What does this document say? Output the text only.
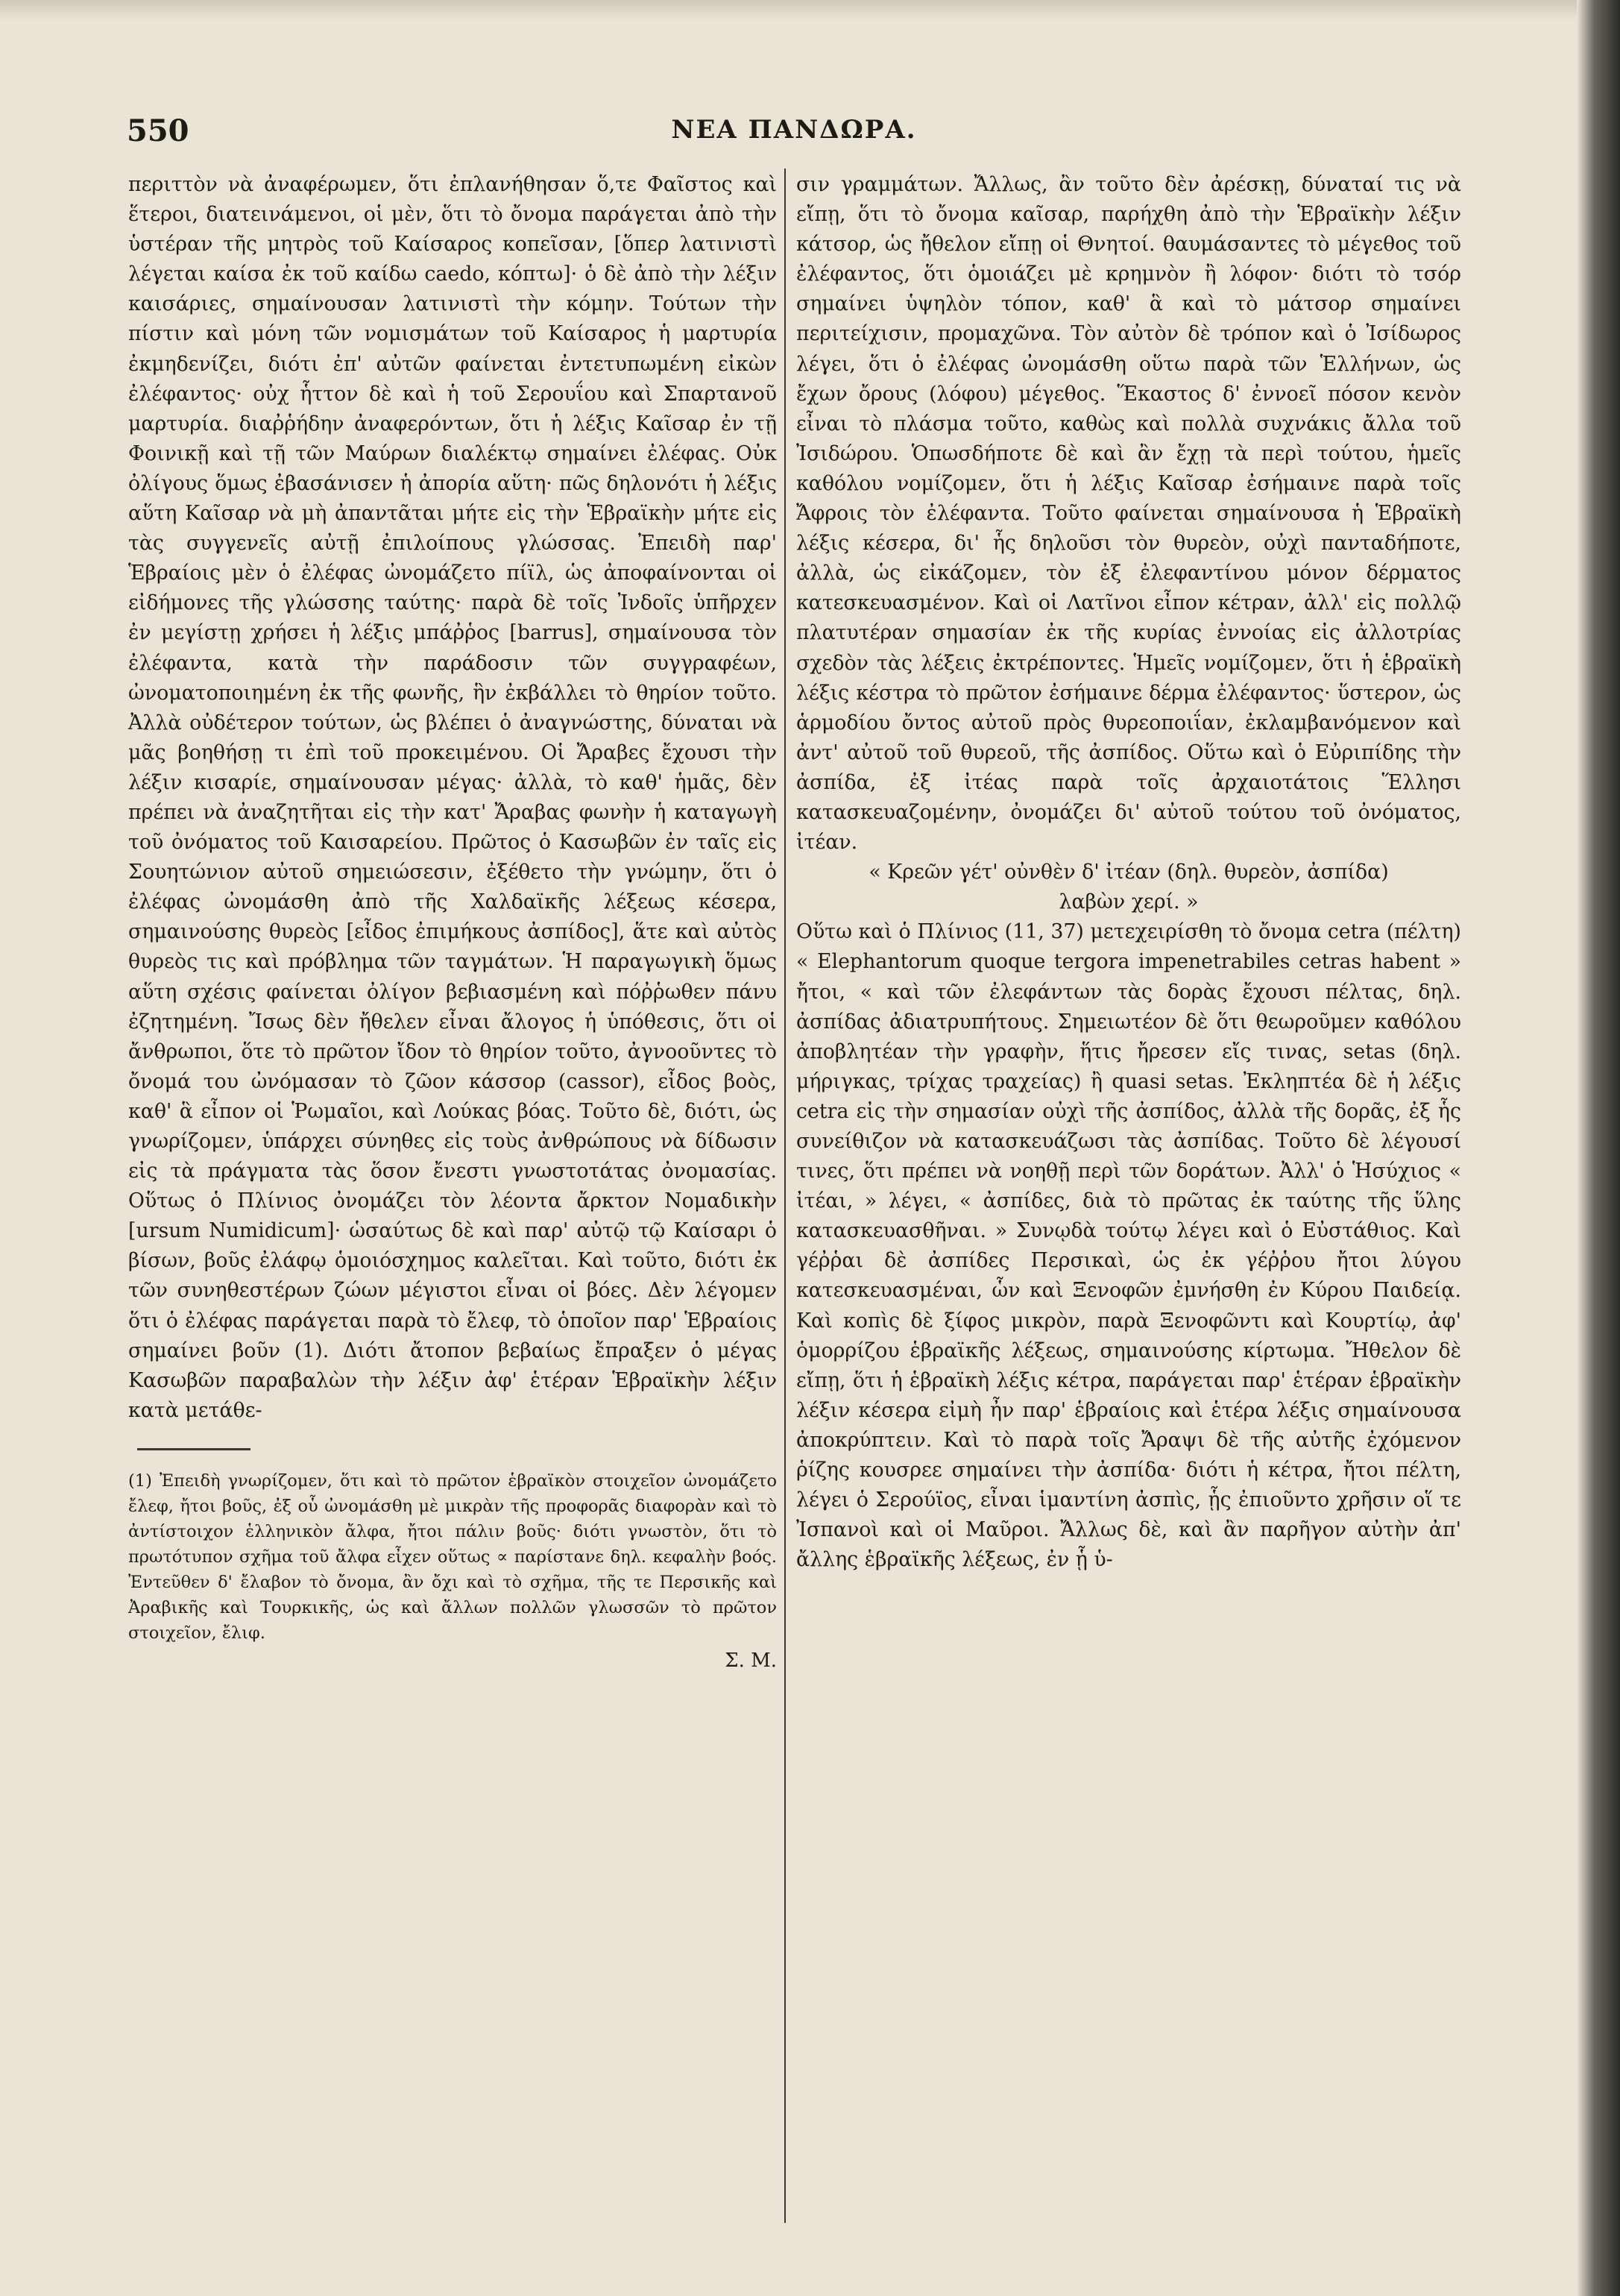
550	ΝΕΑ ΠΑΝΔΩΡΑ.

περιττὸν νὰ ἀναφέρωμεν, ὅτι ἐπλανήθησαν ὅ,τε Φαῖστος καὶ ἕτεροι, διατεινάμενοι, οἱ μὲν, ὅτι τὸ ὄνομα παράγεται ἀπὸ τὴν ὑστέραν τῆς μητρὸς τοῦ Καίσαρος κοπεῖσαν, [ὅπερ λατινιστὶ λέγεται καίσα ἐκ τοῦ καίδω caedo, κόπτω]· ὁ δὲ ἀπὸ τὴν λέξιν καισάριες, σημαίνουσαν λατινιστὶ τὴν κόμην. Τούτων τὴν πίστιν καὶ μόνη τῶν νομισμάτων τοῦ Καίσαρος ἡ μαρτυρία ἐκμηδενίζει, διότι ἐπ' αὐτῶν φαίνεται ἐντετυπωμένη εἰκὼν ἐλέφαντος· οὐχ ἧττον δὲ καὶ ἡ τοῦ Σερουΐου καὶ Σπαρτανοῦ μαρτυρία. διαῤῥήδην ἀναφερόντων, ὅτι ἡ λέξις Καῖσαρ ἐν τῇ Φοινικῇ καὶ τῇ τῶν Μαύρων διαλέκτῳ σημαίνει ἐλέφας. Οὐκ ὀλίγους ὅμως ἐβασάνισεν ἡ ἀπορία αὕτη· πῶς δηλονότι ἡ λέξις αὕτη Καῖσαρ νὰ μὴ ἀπαντᾶται μήτε εἰς τὴν Ἑβραϊκὴν μήτε εἰς τὰς συγγενεῖς αὐτῇ ἐπιλοίπους γλώσσας. Ἐπειδὴ παρ' Ἑβραίοις μὲν ὁ ἐλέφας ὠνομάζετο πίϊλ, ὡς ἀποφαίνονται οἱ εἰδήμονες τῆς γλώσσης ταύτης· παρὰ δὲ τοῖς Ἰνδοῖς ὑπῆρχεν ἐν μεγίστῃ χρήσει ἡ λέξις μπάῤῥος [barrus], σημαίνουσα τὸν ἐλέφαντα, κατὰ τὴν παράδοσιν τῶν συγγραφέων, ὠνοματοποιημένη ἐκ τῆς φωνῆς, ἣν ἐκβάλλει τὸ θηρίον τοῦτο. Ἀλλὰ οὐδέτερον τούτων, ὡς βλέπει ὁ ἀναγνώστης, δύναται νὰ μᾶς βοηθήσῃ τι ἐπὶ τοῦ προκειμένου. Οἱ Ἄραβες ἔχουσι τὴν λέξιν κισαρίε, σημαίνουσαν μέγας· ἀλλὰ, τὸ καθ' ἡμᾶς, δὲν πρέπει νὰ ἀναζητῆται εἰς τὴν κατ' Ἄραβας φωνὴν ἡ καταγωγὴ τοῦ ὀνόματος τοῦ Καισαρείου. Πρῶτος ὁ Κασωβῶν ἐν ταῖς εἰς Σουητώνιον αὐτοῦ σημειώσεσιν, ἐξέθετο τὴν γνώμην, ὅτι ὁ ἐλέφας ὠνομάσθη ἀπὸ τῆς Χαλδαϊκῆς λέξεως κέσερα, σημαινούσης θυρεὸς [εἶδος ἐπιμήκους ἀσπίδος], ἅτε καὶ αὐτὸς θυρεὸς τις καὶ πρόβλημα τῶν ταγμάτων. Ἡ παραγωγικὴ ὅμως αὕτη σχέσις φαίνεται ὀλίγον βεβιασμένη καὶ πόῤῥωθεν πάνυ ἐζητημένη. Ἴσως δὲν ἤθελεν εἶναι ἄλογος ἡ ὑπόθεσις, ὅτι οἱ ἄνθρωποι, ὅτε τὸ πρῶτον ἴδον τὸ θηρίον τοῦτο, ἀγνοοῦντες τὸ ὄνομά του ὠνόμασαν τὸ ζῶον κάσσορ (cassor), εἶδος βοὸς, καθ' ἃ εἶπον οἱ Ῥωμαῖοι, καὶ Λούκας βόας. Τοῦτο δὲ, διότι, ὡς γνωρίζομεν, ὑπάρχει σύνηθες εἰς τοὺς ἀνθρώπους νὰ δίδωσιν εἰς τὰ πράγματα τὰς ὅσον ἔνεστι γνωστοτάτας ὀνομασίας. Οὕτως ὁ Πλίνιος ὀνομάζει τὸν λέοντα ἄρκτον Νομαδικὴν [ursum Numidicum]· ὡσαύτως δὲ καὶ παρ' αὐτῷ τῷ Καίσαρι ὁ βίσων, βοῦς ἐλάφῳ ὁμοιόσχημος καλεῖται. Καὶ τοῦτο, διότι ἐκ τῶν συνηθεστέρων ζώων μέγιστοι εἶναι οἱ βόες. Δὲν λέγομεν ὅτι ὁ ἐλέφας παράγεται παρὰ τὸ ἔλεφ, τὸ ὁποῖον παρ' Ἑβραίοις σημαίνει βοῦν (1). Διότι ἄτοπον βεβαίως ἔπραξεν ὁ μέγας Κασωβῶν παραβαλὼν τὴν λέξιν ἀφ' ἑτέραν Ἑβραϊκὴν λέξιν κατὰ μετάθε-

(1) Ἐπειδὴ γνωρίζομεν, ὅτι καὶ τὸ πρῶτον ἑβραϊκὸν στοιχεῖον ὠνομάζετο ἔλεφ, ἤτοι βοῦς, ἐξ οὗ ὠνομάσθη μὲ μικρὰν τῆς προφορᾶς διαφορὰν καὶ τὸ ἀντίστοιχον ἑλληνικὸν ἄλφα, ἤτοι πάλιν βοῦς· διότι γνωστὸν, ὅτι τὸ πρωτότυπον σχῆμα τοῦ ἄλφα εἶχεν οὕτως ∝ παρίστανε δηλ. κεφαλὴν βοός. Ἐντεῦθεν δ' ἔλαβον τὸ ὄνομα, ἂν ὄχι καὶ τὸ σχῆμα, τῆς τε Περσικῆς καὶ Ἀραβικῆς καὶ Τουρκικῆς, ὡς καὶ ἄλλων πολλῶν γλωσσῶν τὸ πρῶτον στοιχεῖον, ἔλιφ.

Σ. Μ.

σιν γραμμάτων. Ἄλλως, ἂν τοῦτο δὲν ἀρέσκῃ, δύναταί τις νὰ εἴπῃ, ὅτι τὸ ὄνομα καῖσαρ, παρήχθη ἀπὸ τὴν Ἑβραϊκὴν λέξιν κάτσορ, ὡς ἤθελον εἴπῃ οἱ Θνητοί. θαυμάσαντες τὸ μέγεθος τοῦ ἐλέφαντος, ὅτι ὁμοιάζει μὲ κρημνὸν ἢ λόφον· διότι τὸ τσόρ σημαίνει ὑψηλὸν τόπον, καθ' ἃ καὶ τὸ μάτσορ σημαίνει περιτείχισιν, προμαχῶνα. Τὸν αὐτὸν δὲ τρόπον καὶ ὁ Ἰσίδωρος λέγει, ὅτι ὁ ἐλέφας ὠνομάσθη οὕτω παρὰ τῶν Ἑλλήνων, ὡς ἔχων ὄρους (λόφου) μέγεθος. Ἕκαστος δ' ἐννοεῖ πόσον κενὸν εἶναι τὸ πλάσμα τοῦτο, καθὼς καὶ πολλὰ συχνάκις ἄλλα τοῦ Ἰσιδώρου. Ὁπωσδήποτε δὲ καὶ ἂν ἔχῃ τὰ περὶ τούτου, ἡμεῖς καθόλου νομίζομεν, ὅτι ἡ λέξις Καῖσαρ ἐσήμαινε παρὰ τοῖς Ἄφροις τὸν ἐλέφαντα. Τοῦτο φαίνεται σημαίνουσα ἡ Ἑβραϊκὴ λέξις κέσερα, δι' ἧς δηλοῦσι τὸν θυρεὸν, οὐχὶ πανταδήποτε, ἀλλὰ, ὡς εἰκάζομεν, τὸν ἐξ ἐλεφαντίνου μόνον δέρματος κατεσκευασμένον. Καὶ οἱ Λατῖνοι εἶπον κέτραν, ἀλλ' εἰς πολλῷ πλατυτέραν σημασίαν ἐκ τῆς κυρίας ἐννοίας εἰς ἀλλοτρίας σχεδὸν τὰς λέξεις ἐκτρέποντες. Ἡμεῖς νομίζομεν, ὅτι ἡ ἑβραϊκὴ λέξις κέστρα τὸ πρῶτον ἐσήμαινε δέρμα ἐλέφαντος· ὕστερον, ὡς ἁρμοδίου ὄντος αὐτοῦ πρὸς θυρεοποιΐαν, ἐκλαμβανόμενον καὶ ἀντ' αὐτοῦ τοῦ θυρεοῦ, τῆς ἀσπίδος. Οὕτω καὶ ὁ Εὐριπίδης τὴν ἀσπίδα, ἐξ ἰτέας παρὰ τοῖς ἀρχαιοτάτοις Ἕλλησι κατασκευαζομένην, ὀνομάζει δι' αὐτοῦ τούτου τοῦ ὀνόματος, ἰτέαν.

« Κρεῶν γέτ' οὐνθὲν δ' ἰτέαν (δηλ. θυρεὸν, ἀσπίδα)

λαβὼν χερί. »

Οὕτω καὶ ὁ Πλίνιος (11, 37) μετεχειρίσθη τὸ ὄνομα cetra (πέλτη) « Elephantorum quoque tergora impenetrabiles cetras habent » ἤτοι, « καὶ τῶν ἐλεφάντων τὰς δορὰς ἔχουσι πέλτας, δηλ. ἀσπίδας ἀδιατρυπήτους. Σημειωτέον δὲ ὅτι θεωροῦμεν καθόλου ἀποβλητέαν τὴν γραφὴν, ἥτις ἤρεσεν εἴς τινας, setas (δηλ. μήριγκας, τρίχας τραχείας) ἢ quasi setas. Ἐκληπτέα δὲ ἡ λέξις cetra εἰς τὴν σημασίαν οὐχὶ τῆς ἀσπίδος, ἀλλὰ τῆς δορᾶς, ἐξ ἧς συνείθιζον νὰ κατασκευάζωσι τὰς ἀσπίδας. Τοῦτο δὲ λέγουσί τινες, ὅτι πρέπει νὰ νοηθῇ περὶ τῶν δοράτων. Ἀλλ' ὁ Ἡσύχιος « ἰτέαι, » λέγει, « ἀσπίδες, διὰ τὸ πρῶτας ἐκ ταύτης τῆς ὕλης κατασκευασθῆναι. » Συνῳδὰ τούτῳ λέγει καὶ ὁ Εὐστάθιος. Καὶ γέῤῥαι δὲ ἀσπίδες Περσικαὶ, ὡς ἐκ γέῤῥου ἤτοι λύγου κατεσκευασμέναι, ὧν καὶ Ξενοφῶν ἐμνήσθη ἐν Κύρου Παιδείᾳ. Καὶ κοπὶς δὲ ξίφος μικρὸν, παρὰ Ξενοφῶντι καὶ Κουρτίῳ, ἀφ' ὁμορρίζου ἑβραϊκῆς λέξεως, σημαινούσης κίρτωμα. Ἤθελον δὲ εἴπῃ, ὅτι ἡ ἑβραϊκὴ λέξις κέτρα, παράγεται παρ' ἑτέραν ἑβραϊκὴν λέξιν κέσερα εἰμὴ ἦν παρ' ἑβραίοις καὶ ἑτέρα λέξις σημαίνουσα ἀποκρύπτειν. Καὶ τὸ παρὰ τοῖς Ἄραψι δὲ τῆς αὐτῆς ἐχόμενον ῥίζης κουσρεε σημαίνει τὴν ἀσπίδα· διότι ἡ κέτρα, ἤτοι πέλτη, λέγει ὁ Σερούϊος, εἶναι ἱμαντίνη ἀσπὶς, ᾗς ἐπιοῦντο χρῆσιν οἵ τε Ἰσπανοὶ καὶ οἱ Μαῦροι. Ἄλλως δὲ, καὶ ἂν παρῆγον αὐτὴν ἀπ' ἄλλης ἑβραϊκῆς λέξεως, ἐν ᾗ ὑ-
